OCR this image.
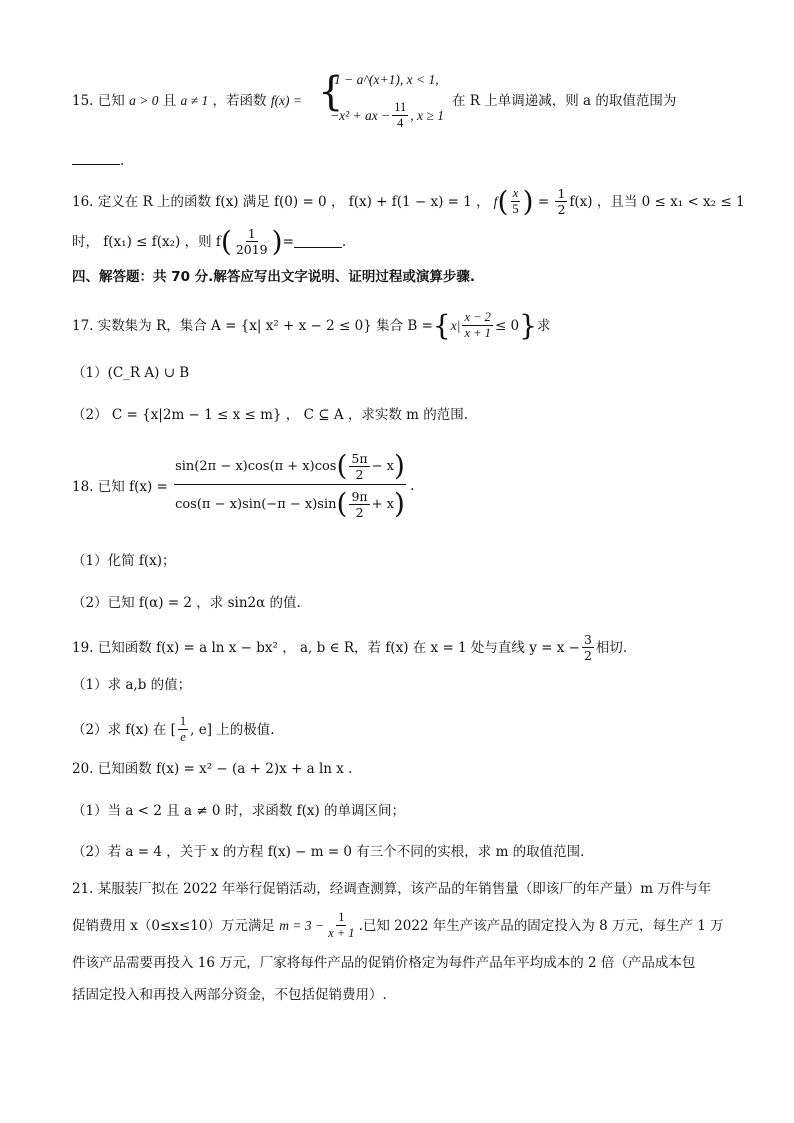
15. 已知 a > 0 且 a ≠ 1 ，若函数 f(x) = {
1 − a^(x+1), x < 1,
−x² + ax − $\frac{11}{4}$ , x ≥ 1
在 R 上单调递减，则 a 的取值范围为
.
16.
定义在 R 上的函数 f(x) 满足 f(0) = 0 ， f(x) + f(1 − x) = 1 ， f ( $\frac{x}{5}$ ) = $\frac{1}{2} f(x)$ ，且当 0 ≤ x₁ < x₂ ≤ 1
时， f(x₁) ≤ f(x₂) ，则 f ( $\frac{1}{2019}$ ) =	.
四、解答题：共 70 分.解答应写出文字说明、证明过程或演算步骤.
17.
实数集为 R，集合 A = {x| x² + x − 2 ≤ 0} 集合 B = { $x| \frac{x - 2}{x + 1} \le 0$ } 求
（1）(C_R A) ∪ B
（2） C = {x|2m − 1 ≤ x ≤ m} ， C ⊆ A ，求实数 m 的范围.
18. 已知 f(x) =
sin(2π − x)cos(π + x)cos ( $\frac{5\pi}{2} - x$ )
cos(π − x)sin(−π − x)sin ( $\frac{9\pi}{2} + x$ )
.
（1）化简 f(x)；
（2）已知 f(α) = 2 ，求 sin2α 的值.
19.
已知函数 f(x) = a ln x − bx² ， a, b ∈ R，若 f(x) 在 x = 1 处与直线 $y = x - \frac{3}{2}$ 相切.
（1）求 a,b 的值；
（2）求 f(x) 在 [ $\frac{1}{e}$ , e] 上的极值.
20. 已知函数 f(x) = x² − (a + 2)x + a ln x .
（1）当 a < 2 且 a ≠ 0 时，求函数 f(x) 的单调区间；
（2）若 a = 4 ，关于 x 的方程 f(x) − m = 0 有三个不同的实根，求 m 的取值范围.
21. 某服装厂拟在 2022 年举行促销活动，经调查测算，该产品的年销售量（即该厂的年产量）m 万件与年
促销费用 x（0≤x≤10）万元满足
$m = 3 - \frac{1}{x + 1}$ .已知 2022 年生产该产品的固定投入为 8 万元，每生产 1 万
件该产品需要再投入 16 万元，厂家将每件产品的促销价格定为每件产品年平均成本的 2 倍（产品成本包
括固定投入和再投入两部分资金，不包括促销费用）.
